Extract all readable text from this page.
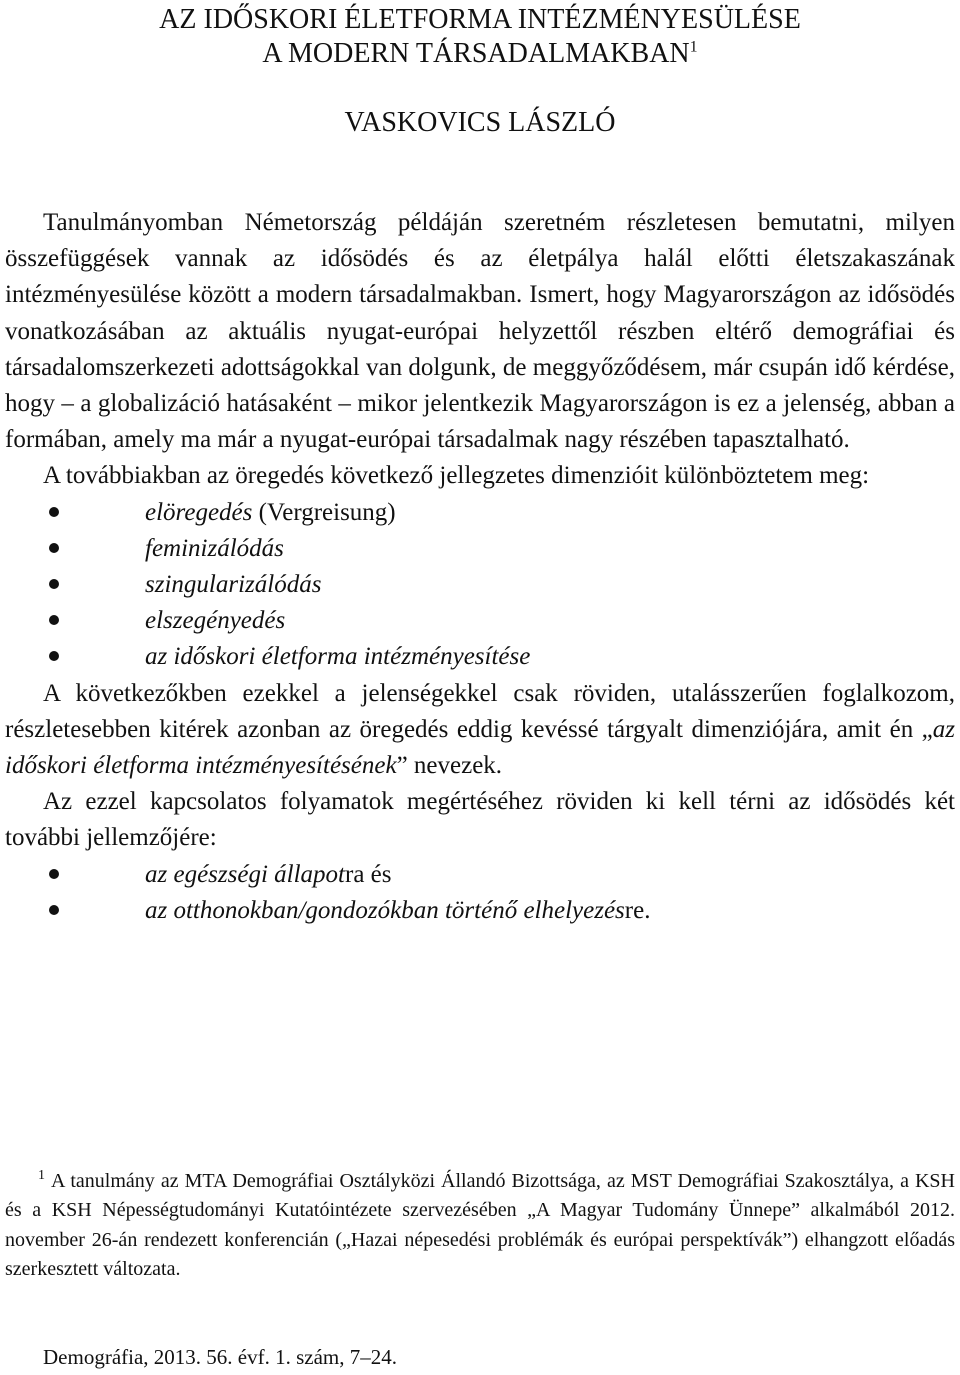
AZ IDŐSKORI ÉLETFORMA INTÉZMÉNYESÜLÉSE
A MODERN TÁRSADALMAKBAN$^1$
VASKOVICS LÁSZLÓ

Tanulmányomban Németország példáján szeretném részletesen bemutatni, milyen összefüggések vannak az idősödés és az életpálya halál előtti életszakaszának intézményesülése között a modern társadalmakban. Ismert, hogy Magyarországon az idősödés vonatkozásában az aktuális nyugat-európai helyzettől részben eltérő demográfiai és társadalomszerkezeti adottságokkal van dolgunk, de meggyőződésem, már csupán idő kérdése, hogy – a globalizáció hatásaként – mikor jelentkezik Magyarországon is ez a jelenség, abban a formában, amely ma már a nyugat-európai társadalmak nagy részében tapasztalható.

A továbbiakban az öregedés következő jellegzetes dimenzióit különböztetem meg:

elöregedés (Vergreisung)
feminizálódás
szingularizálódás
elszegényedés
az időskori életforma intézményesítése

A következőkben ezekkel a jelenségekkel csak röviden, utalásszerűen foglalkozom, részletesebben kitérek azonban az öregedés eddig kevéssé tárgyalt dimenziójára, amit én „az időskori életforma intézményesítésének” nevezek.

Az ezzel kapcsolatos folyamatok megértéséhez röviden ki kell térni az idősödés két további jellemzőjére:

az egészségi állapotra és
az otthonokban/gondozókban történő elhelyezésre.
$^1$ A tanulmány az MTA Demográfiai Osztályközi Állandó Bizottsága, az MST Demográfiai Szakosztálya, a KSH és a KSH Népességtudományi Kutatóintézete szervezésében „A Magyar Tudomány Ünnepe” alkalmából 2012. november 26-án rendezett konferencián („Hazai népesedési problémák és európai perspektívák”) elhangzott előadás szerkesztett változata.
Demográfia, 2013. 56. évf. 1. szám, 7–24.
